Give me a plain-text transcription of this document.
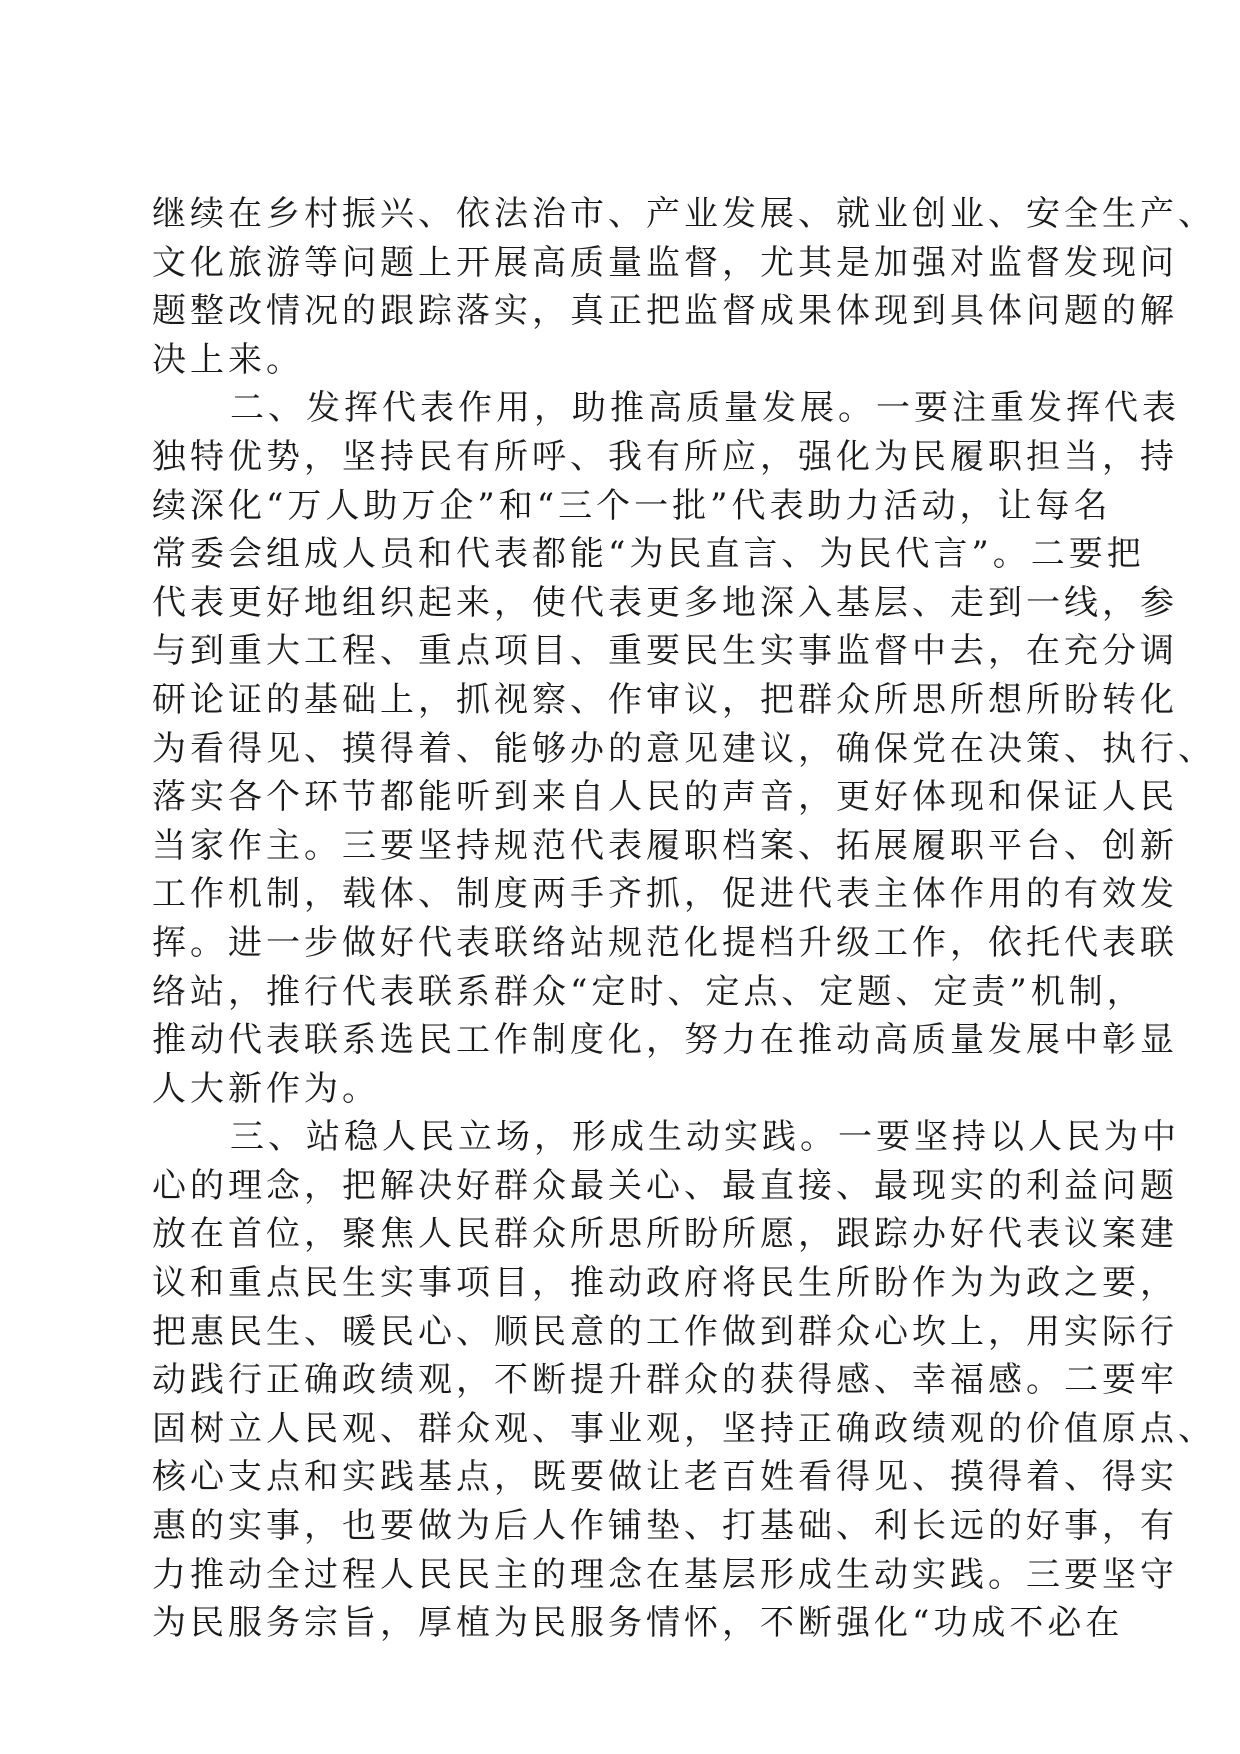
继续在乡村振兴、依法治市、产业发展、就业创业、安全生产、
文化旅游等问题上开展高质量监督，尤其是加强对监督发现问
题整改情况的跟踪落实，真正把监督成果体现到具体问题的解
决上来。
二、发挥代表作用，助推高质量发展。一要注重发挥代表
独特优势，坚持民有所呼、我有所应，强化为民履职担当，持
续深化“万人助万企”和“三个一批”代表助力活动，让每名
常委会组成人员和代表都能“为民直言、为民代言”。二要把
代表更好地组织起来，使代表更多地深入基层、走到一线，参
与到重大工程、重点项目、重要民生实事监督中去，在充分调
研论证的基础上，抓视察、作审议，把群众所思所想所盼转化
为看得见、摸得着、能够办的意见建议，确保党在决策、执行、
落实各个环节都能听到来自人民的声音，更好体现和保证人民
当家作主。三要坚持规范代表履职档案、拓展履职平台、创新
工作机制，载体、制度两手齐抓，促进代表主体作用的有效发
挥。进一步做好代表联络站规范化提档升级工作，依托代表联
络站，推行代表联系群众“定时、定点、定题、定责”机制，
推动代表联系选民工作制度化，努力在推动高质量发展中彰显
人大新作为。
三、站稳人民立场，形成生动实践。一要坚持以人民为中
心的理念，把解决好群众最关心、最直接、最现实的利益问题
放在首位，聚焦人民群众所思所盼所愿，跟踪办好代表议案建
议和重点民生实事项目，推动政府将民生所盼作为为政之要，
把惠民生、暖民心、顺民意的工作做到群众心坎上，用实际行
动践行正确政绩观，不断提升群众的获得感、幸福感。二要牢
固树立人民观、群众观、事业观，坚持正确政绩观的价值原点、
核心支点和实践基点，既要做让老百姓看得见、摸得着、得实
惠的实事，也要做为后人作铺垫、打基础、利长远的好事，有
力推动全过程人民民主的理念在基层形成生动实践。三要坚守
为民服务宗旨，厚植为民服务情怀，不断强化“功成不必在
